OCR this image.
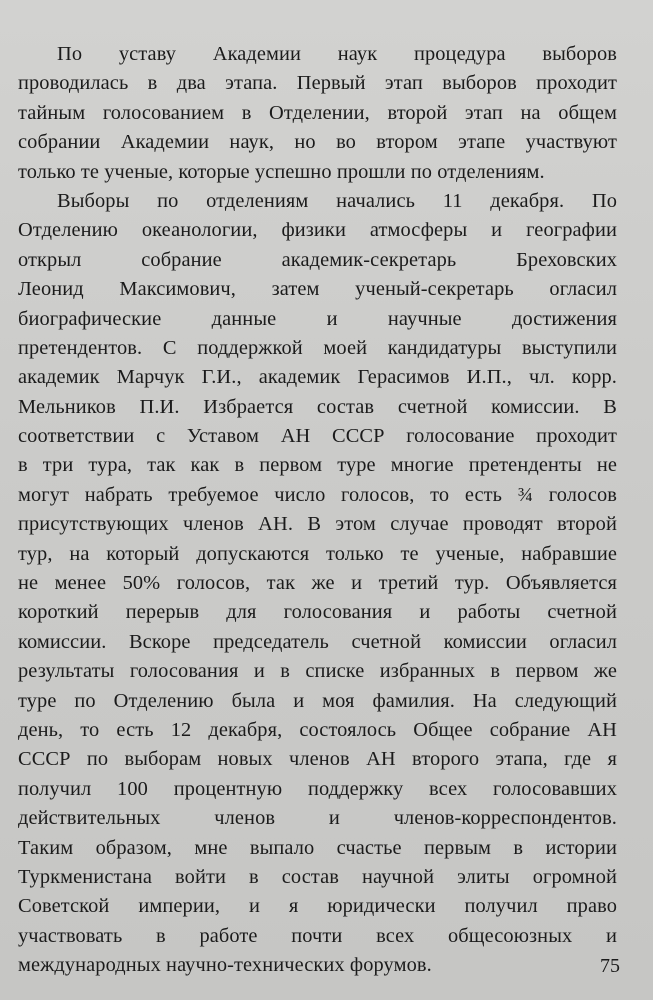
По уставу Академии наук процедура выборов
проводилась в два этапа. Первый этап выборов проходит
тайным голосованием в Отделении, второй этап на общем
собрании Академии наук, но во втором этапе участвуют
только те ученые, которые успешно прошли по отделениям.
Выборы по отделениям начались 11 декабря. По
Отделению океанологии, физики атмосферы и географии
открыл собрание академик-секретарь Бреховских
Леонид Максимович, затем ученый-секретарь огласил
биографические данные и научные достижения
претендентов. С поддержкой моей кандидатуры выступили
академик Марчук Г.И., академик Герасимов И.П., чл. корр.
Мельников П.И. Избрается состав счетной комиссии. В
соответствии с Уставом АН СССР голосование проходит
в три тура, так как в первом туре многие претенденты не
могут набрать требуемое число голосов, то есть ¾ голосов
присутствующих членов АН. В этом случае проводят второй
тур, на который допускаются только те ученые, набравшие
не менее 50% голосов, так же и третий тур. Объявляется
короткий перерыв для голосования и работы счетной
комиссии. Вскоре председатель счетной комиссии огласил
результаты голосования и в списке избранных в первом же
туре по Отделению была и моя фамилия. На следующий
день, то есть 12 декабря, состоялось Общее собрание АН
СССР по выборам новых членов АН второго этапа, где я
получил 100 процентную поддержку всех голосовавших
действительных членов и членов-корреспондентов.
Таким образом, мне выпало счастье первым в истории
Туркменистана войти в состав научной элиты огромной
Советской империи, и я юридически получил право
участвовать в работе почти всех общесоюзных и
международных научно-технических форумов.	75
